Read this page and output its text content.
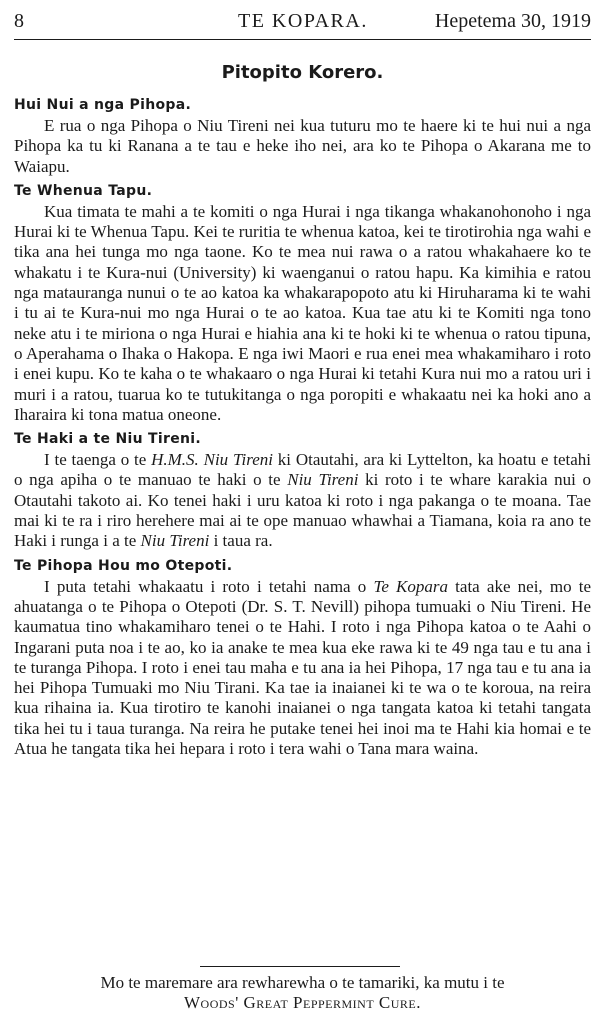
8	TE KOPARA.	Hepetema 30, 1919
Pitopito Korero.
Hui Nui a nga Pihopa.

E rua o nga Pihopa o Niu Tireni nei kua tuturu mo te haere ki te hui nui a nga Pihopa ka tu ki Ranana a te tau e heke iho nei, ara ko te Pihopa o Akarana me to Waiapu.

Te Whenua Tapu.

Kua timata te mahi a te komiti o nga Hurai i nga tikanga whakanohonoho i nga Hurai ki te Whenua Tapu. Kei te ruritia te whenua katoa, kei te tirotirohia nga wahi e tika ana hei tunga mo nga taone. Ko te mea nui rawa o a ratou whakahaere ko te whakatu i te Kura-nui (University) ki waenganui o ratou hapu. Ka kimihia e ratou nga matauranga nunui o te ao katoa ka whakarapopoto atu ki Hiruharama ki te wahi i tu ai te Kura-nui mo nga Hurai o te ao katoa. Kua tae atu ki te Komiti nga tono neke atu i te miriona o nga Hurai e hiahia ana ki te hoki ki te whenua o ratou tipuna, o Aperahama o Ihaka o Hakopa. E nga iwi Maori e rua enei mea whakamiharo i roto i enei kupu. Ko te kaha o te whakaaro o nga Hurai ki tetahi Kura nui mo a ratou uri i muri i a ratou, tuarua ko te tutukitanga o nga poropiti e whakaatu nei ka hoki ano a Iharaira ki tona matua oneone.

Te Haki a te Niu Tireni.

I te taenga o te H.M.S. Niu Tireni ki Otautahi, ara ki Lyttelton, ka hoatu e tetahi o nga apiha o te manuao te haki o te Niu Tireni ki roto i te whare karakia nui o Otautahi takoto ai. Ko tenei haki i uru katoa ki roto i nga pakanga o te moana. Tae mai ki te ra i riro herehere mai ai te ope manuao whawhai a Tiamana, koia ra ano te Haki i runga i a te Niu Tireni i taua ra.

Te Pihopa Hou mo Otepoti.

I puta tetahi whakaatu i roto i tetahi nama o Te Kopara tata ake nei, mo te ahuatanga o te Pihopa o Otepoti (Dr. S. T. Nevill) pihopa tumuaki o Niu Tireni. He kaumatua tino whakamiharo tenei o te Hahi. I roto i nga Pihopa katoa o te Aahi o Ingarani puta noa i te ao, ko ia anake te mea kua eke rawa ki te 49 nga tau e tu ana i te turanga Pihopa. I roto i enei tau maha e tu ana ia hei Pihopa, 17 nga tau e tu ana ia hei Pihopa Tumuaki mo Niu Tirani. Ka tae ia inaianei ki te wa o te koroua, na reira kua rihaina ia. Kua tirotiro te kanohi inaianei o nga tangata katoa ki tetahi tangata tika hei tu i taua turanga. Na reira he putake tenei hei inoi ma te Hahi kia homai e te Atua he tangata tika hei hepara i roto i tera wahi o Tana mara waina.

Mo te maremare ara rewharewha o te tamariki, ka mutu i te
Woods' Great Peppermint Cure.
